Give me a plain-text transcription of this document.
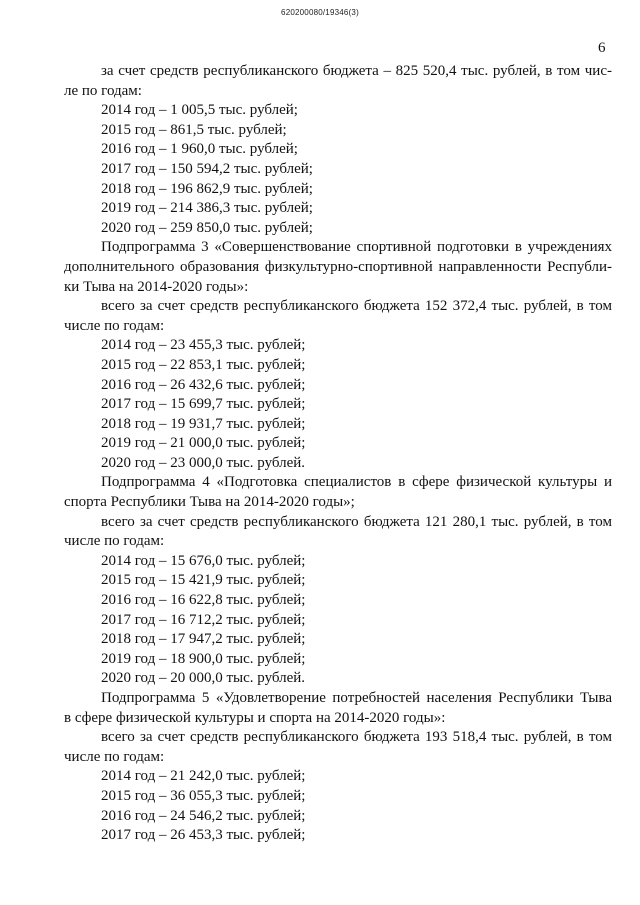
620200080/19346(3)
6
за счет средств республиканского бюджета – 825 520,4 тыс. рублей, в том чис-
ле по годам:
2014 год – 1 005,5 тыс. рублей;
2015 год – 861,5 тыс. рублей;
2016 год – 1 960,0 тыс. рублей;
2017 год – 150 594,2 тыс. рублей;
2018 год – 196 862,9 тыс. рублей;
2019 год – 214 386,3 тыс. рублей;
2020 год – 259 850,0 тыс. рублей;
Подпрограмма 3 «Совершенствование спортивной подготовки в учреждениях
дополнительного образования физкультурно-спортивной направленности Республи-
ки Тыва на 2014-2020 годы»:
всего за счет средств республиканского бюджета 152 372,4 тыс. рублей, в том
числе по годам:
2014 год – 23 455,3 тыс. рублей;
2015 год – 22 853,1 тыс. рублей;
2016 год – 26 432,6 тыс. рублей;
2017 год – 15 699,7 тыс. рублей;
2018 год – 19 931,7 тыс. рублей;
2019 год – 21 000,0 тыс. рублей;
2020 год – 23 000,0 тыс. рублей.
Подпрограмма 4 «Подготовка специалистов в сфере физической культуры и
спорта Республики Тыва на 2014-2020 годы»;
всего за счет средств республиканского бюджета 121 280,1 тыс. рублей, в том
числе по годам:
2014 год – 15 676,0 тыс. рублей;
2015 год – 15 421,9 тыс. рублей;
2016 год – 16 622,8 тыс. рублей;
2017 год – 16 712,2 тыс. рублей;
2018 год – 17 947,2 тыс. рублей;
2019 год – 18 900,0 тыс. рублей;
2020 год – 20 000,0 тыс. рублей.
Подпрограмма 5 «Удовлетворение потребностей населения Республики Тыва
в сфере физической культуры и спорта на 2014-2020 годы»:
всего за счет средств республиканского бюджета 193 518,4 тыс. рублей, в том
числе по годам:
2014 год – 21 242,0 тыс. рублей;
2015 год – 36 055,3 тыс. рублей;
2016 год – 24 546,2 тыс. рублей;
2017 год – 26 453,3 тыс. рублей;
